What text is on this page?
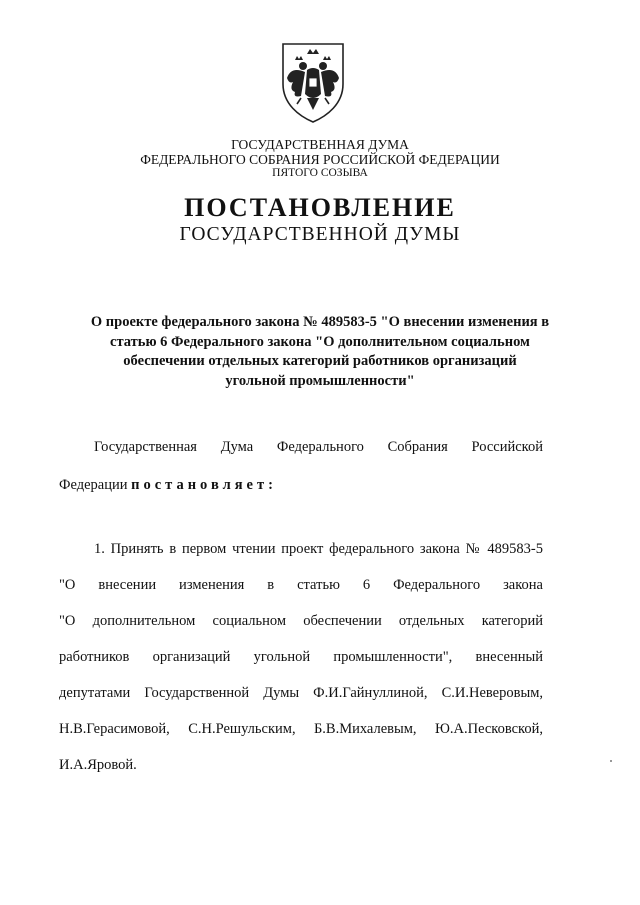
ГОСУДАРСТВЕННАЯ ДУМА

ФЕДЕРАЛЬНОГО СОБРАНИЯ РОССИЙСКОЙ ФЕДЕРАЦИИ

ПЯТОГО СОЗЫВА

ПОСТАНОВЛЕНИЕ
ГОСУДАРСТВЕННОЙ ДУМЫ

О проекте федерального закона № 489583-5 "О внесении изменения в
статью 6 Федерального закона "О дополнительном социальном
обеспечении отдельных категорий работников организаций
угольной промышленности"

Государственная Дума Федерального Собрания Российской

Федерации постановляет:

1. Принять в первом чтении проект федерального закона № 489583-5

"О внесении изменения в статью 6 Федерального закона

"О дополнительном социальном обеспечении отдельных категорий

работников организаций угольной промышленности", внесенный

депутатами Государственной Думы Ф.И.Гайнуллиной, С.И.Неверовым,

Н.В.Герасимовой, С.Н.Решульским, Б.В.Михалевым, Ю.А.Песковской,

И.А.Яровой.
